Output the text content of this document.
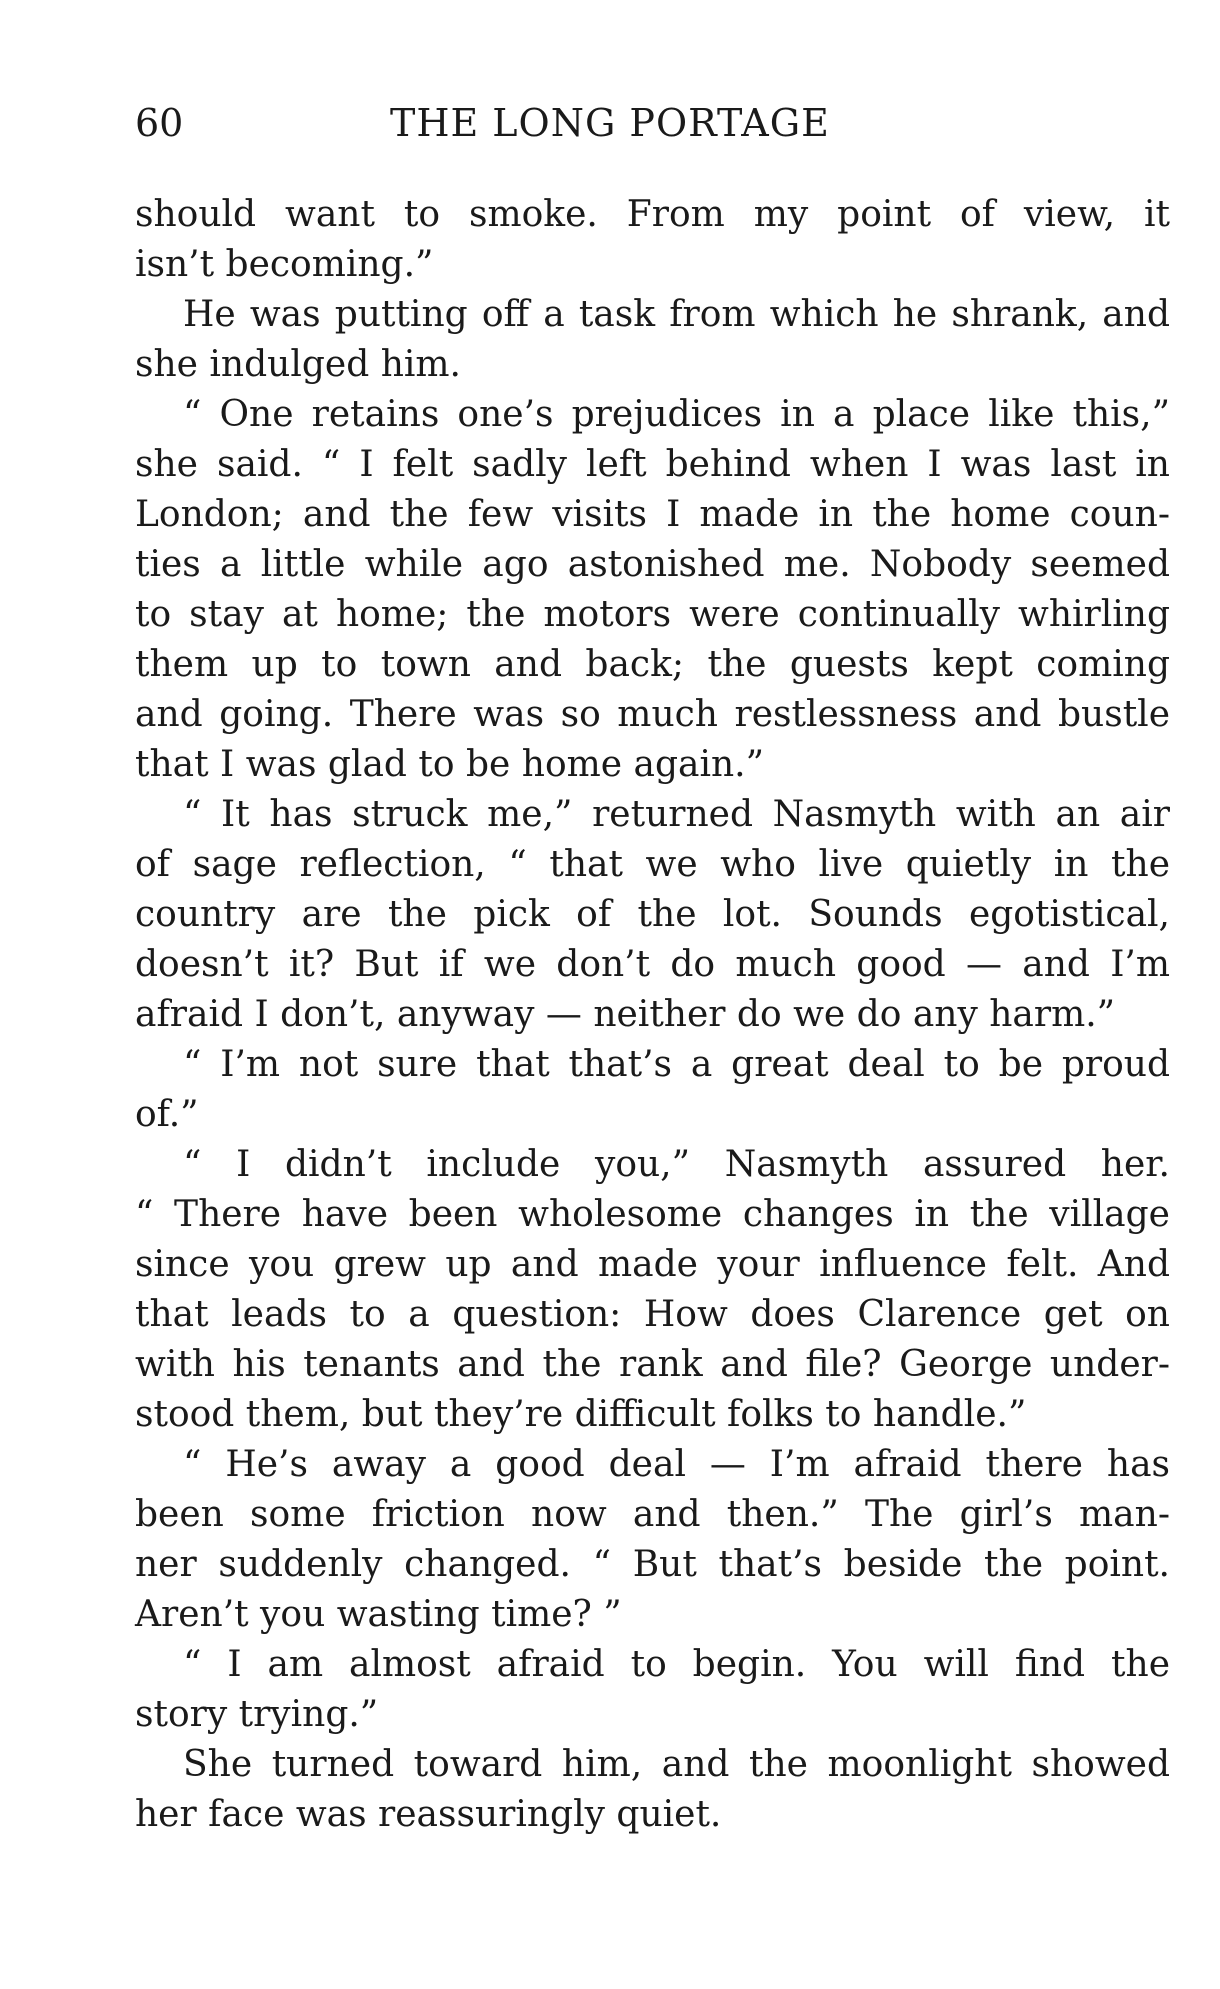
60	THE LONG PORTAGE
should want to smoke. From my point of view, it
isn’t becoming.”
He was putting off a task from which he shrank, and
she indulged him.
“ One retains one’s prejudices in a place like this,”
she said. “ I felt sadly left behind when I was last in
London; and the few visits I made in the home coun-
ties a little while ago astonished me. Nobody seemed
to stay at home; the motors were continually whirling
them up to town and back; the guests kept coming
and going. There was so much restlessness and bustle
that I was glad to be home again.”
“ It has struck me,” returned Nasmyth with an air
of sage reflection, “ that we who live quietly in the
country are the pick of the lot. Sounds egotistical,
doesn’t it? But if we don’t do much good — and I’m
afraid I don’t, anyway — neither do we do any harm.”
“ I’m not sure that that’s a great deal to be proud
of.”
“ I didn’t include you,” Nasmyth assured her.
“ There have been wholesome changes in the village
since you grew up and made your influence felt. And
that leads to a question: How does Clarence get on
with his tenants and the rank and file? George under-
stood them, but they’re difficult folks to handle.”
“ He’s away a good deal — I’m afraid there has
been some friction now and then.” The girl’s man-
ner suddenly changed. “ But that’s beside the point.
Aren’t you wasting time? ”
“ I am almost afraid to begin. You will find the
story trying.”
She turned toward him, and the moonlight showed
her face was reassuringly quiet.
